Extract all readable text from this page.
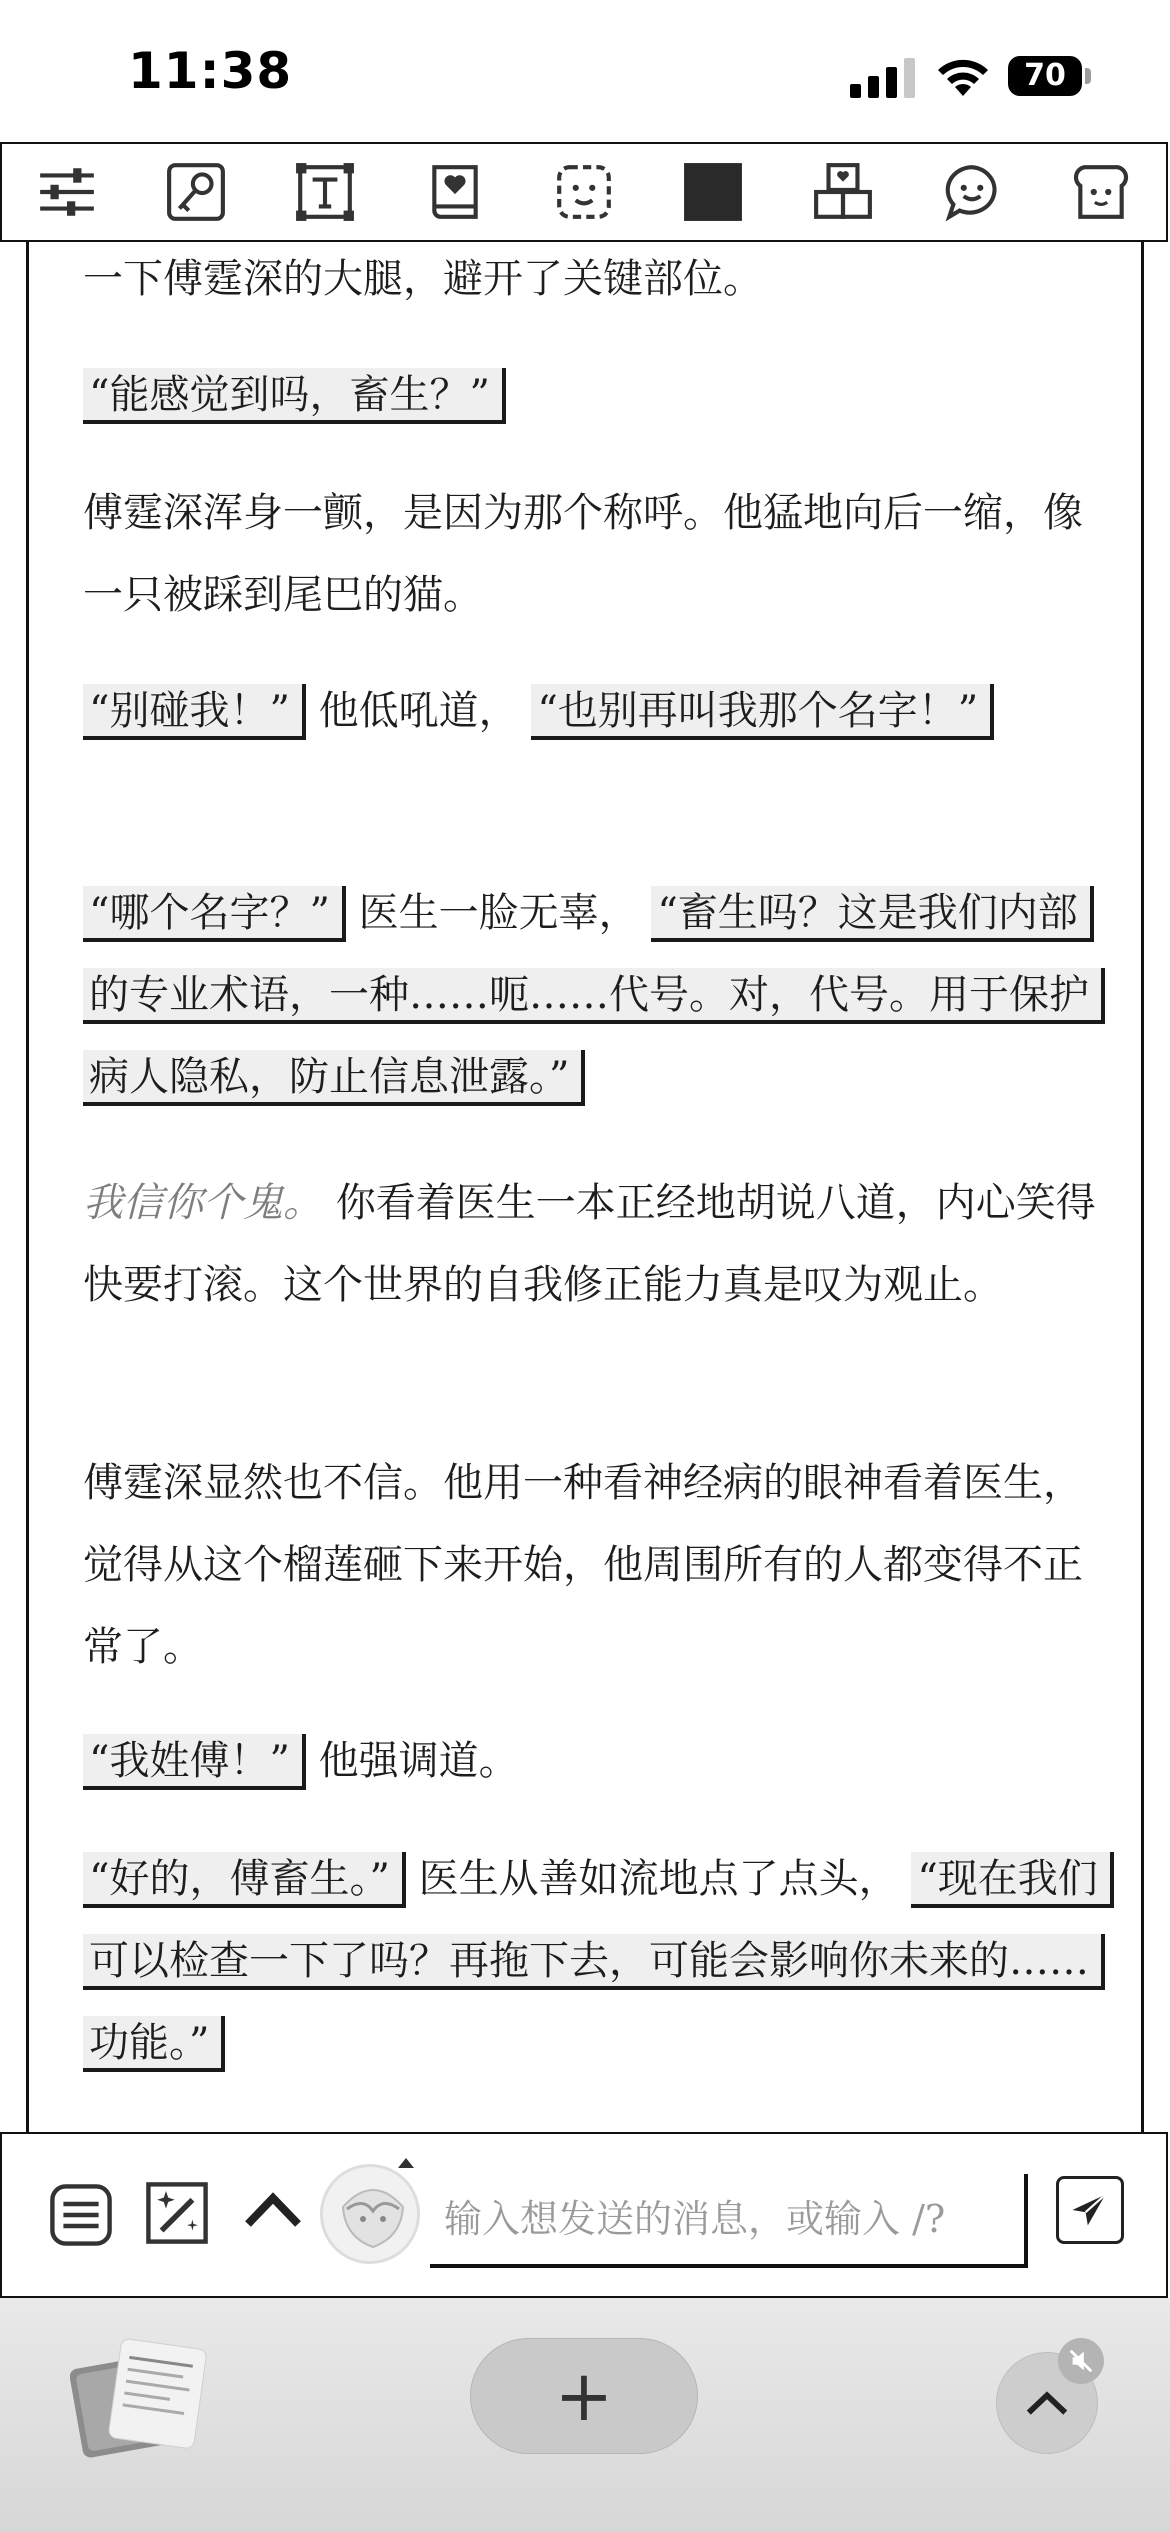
11:38	70
一下傅霆深的大腿，避开了关键部位。
“能感觉到吗，畜生？”
傅霆深浑身一颤，是因为那个称呼。他猛地向后一缩，像一只被踩到尾巴的猫。
“别碰我！” 他低吼道， “也别再叫我那个名字！”
“哪个名字？” 医生一脸无辜， “畜生吗？这是我们内部的专业术语，一种……呃……代号。对，代号。用于保护病人隐私，防止信息泄露。”
我信你个鬼。 你看着医生一本正经地胡说八道，内心笑得快要打滚。这个世界的自我修正能力真是叹为观止。
傅霆深显然也不信。他用一种看神经病的眼神看着医生，觉得从这个榴莲砸下来开始，他周围所有的人都变得不正常了。
“我姓傅！” 他强调道。
“好的，傅畜生。” 医生从善如流地点了点头， “现在我们可以检查一下了吗？再拖下去，可能会影响你未来的……功能。”
输入想发送的消息，或输入 /?
+
